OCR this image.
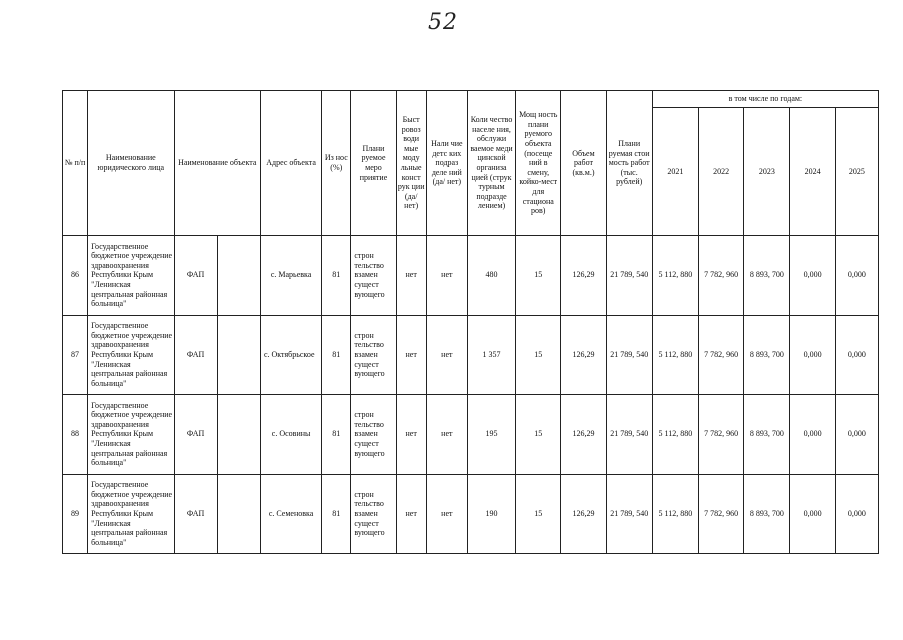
52
№ п/п	Наименование юридического лица	Наименование объекта		Адрес объекта	Из нос (%)	Плани руемое меро приятие	Быст ровоз води мые моду льные конст рук ции (да/ нет)	Нали чие детс ких подраз деле ний (да/ нет)	Коли чество населе ния, обслужи ваемое меди цинской организа цией (струк турным подразде лением)	Мощ ность плани руемого объекта (посеще ний в смену, койко-мест для стациона ров)	Объем работ (кв.м.)	Плани руемая стои мость работ (тыс. рублей)	в том числе по годам:				
													2021	2022	2023	2024	2025
86	Государственное бюджетное учреждение здравоохранения Республики Крым "Ленинская центральная районная больница"	ФАП		с. Марьевка	81	строн тельство взамен сущест вующего	нет	нет	480	15	126,29	21 789, 540	5 112, 880	7 782, 960	8 893, 700	0,000	0,000
87	Государственное бюджетное учреждение здравоохранения Республики Крым "Ленинская центральная районная больница"	ФАП		с. Октябрьское	81	строн тельство взамен сущест вующего	нет	нет	1 357	15	126,29	21 789, 540	5 112, 880	7 782, 960	8 893, 700	0,000	0,000
88	Государственное бюджетное учреждение здравоохранения Республики Крым "Ленинская центральная районная больница"	ФАП		с. Осовины	81	строн тельство взамен сущест вующего	нет	нет	195	15	126,29	21 789, 540	5 112, 880	7 782, 960	8 893, 700	0,000	0,000
89	Государственное бюджетное учреждение здравоохранения Республики Крым "Ленинская центральная районная больница"	ФАП		с. Семеновка	81	строн тельство взамен сущест вующего	нет	нет	190	15	126,29	21 789, 540	5 112, 880	7 782, 960	8 893, 700	0,000	0,000
